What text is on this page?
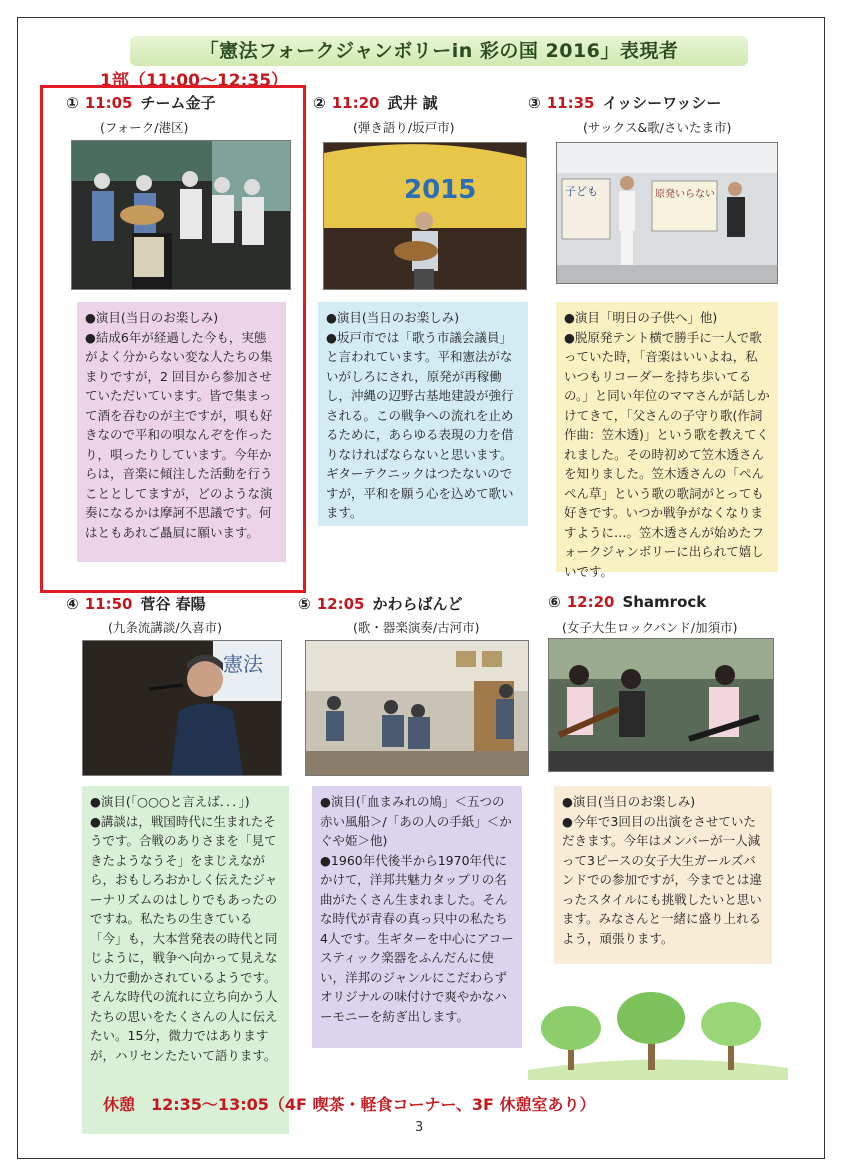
「憲法フォークジャンボリーin 彩の国 2016」表現者
1部（11:00〜12:35）
① 11:05 チーム金子
(フォーク/港区)

●演目(当日のお楽しみ)

●結成6年が経過した今も，実態がよく分からない変な人たちの集まりですが，2 回目から参加させていただいています。皆で集まって酒を吞むのが主ですが，唄も好きなので平和の唄なんぞを作ったり，唄ったりしています。今年からは，音楽に傾注した活動を行うこととしてますが，どのような演奏になるかは摩訶不思議です。何はともあれご贔屓に願います。

② 11:20 武井 誠
(弾き語り/坂戸市)
2015

●演目(当日のお楽しみ)

●坂戸市では「歌う市議会議員」と言われています。平和憲法がないがしろにされ，原発が再稼働し，沖縄の辺野古基地建設が強行される。この戦争への流れを止めるために，あらゆる表現の力を借りなければならないと思います。ギターテクニックはつたないのですが，平和を願う心を込めて歌います。

③ 11:35 イッシーワッシー
(サックス&歌/さいたま市)
子ども	原発いらない

●演目「明日の子供へ」他)

●脱原発テント横で勝手に一人で歌っていた時，「音楽はいいよね，私いつもリコーダーを持ち歩いてるの。」と同い年位のママさんが話しかけてきて，「父さんの子守り歌(作詞作曲：笠木透)」という歌を教えてくれました。その時初めて笠木透さんを知りました。笠木透さんの「ぺんぺん草」という歌の歌詞がとっても好きです。いつか戦争がなくなりますように…。笠木透さんが始めたフォークジャンボリーに出られて嬉しいです。

④ 11:50 菅谷 春陽
(九条流講談/久喜市)
憲法

●演目(「○○○と言えば．．．」)

●講談は，戦国時代に生まれたそうです。合戦のありさまを「見てきたようなうそ」をまじえながら，おもしろおかしく伝えたジャーナリズムのはしりでもあったのですね。私たちの生きている「今」も，大本営発表の時代と同じように，戦争へ向かって見えない力で動かされているようです。そんな時代の流れに立ち向かう人たちの思いをたくさんの人に伝えたい。15分，微力ではありますが，ハリセンたたいて語ります。

⑤ 12:05 かわらばんど
(歌・器楽演奏/古河市)

●演目(「血まみれの鳩」＜五つの赤い風船＞/「あの人の手紙」＜かぐや姫＞他)

●1960年代後半から1970年代にかけて，洋邦共魅力タップリの名曲がたくさん生まれました。そんな時代が青春の真っ只中の私たち4人です。生ギターを中心にアコースティック楽器をふんだんに使い，洋邦のジャンルにこだわらずオリジナルの味付けで爽やかなハーモニーを紡ぎ出します。

⑥ 12:20 Shamrock
(女子大生ロックバンド/加須市)

●演目(当日のお楽しみ)

●今年で3回目の出演をさせていただきます。今年はメンバーが一人減って3ピースの女子大生ガールズバンドでの参加ですが，今までとは違ったスタイルにも挑戦したいと思います。みなさんと一緒に盛り上れるよう，頑張ります。

休憩　12:35〜13:05（4F 喫茶・軽食コーナー、3F 休憩室あり）
3
